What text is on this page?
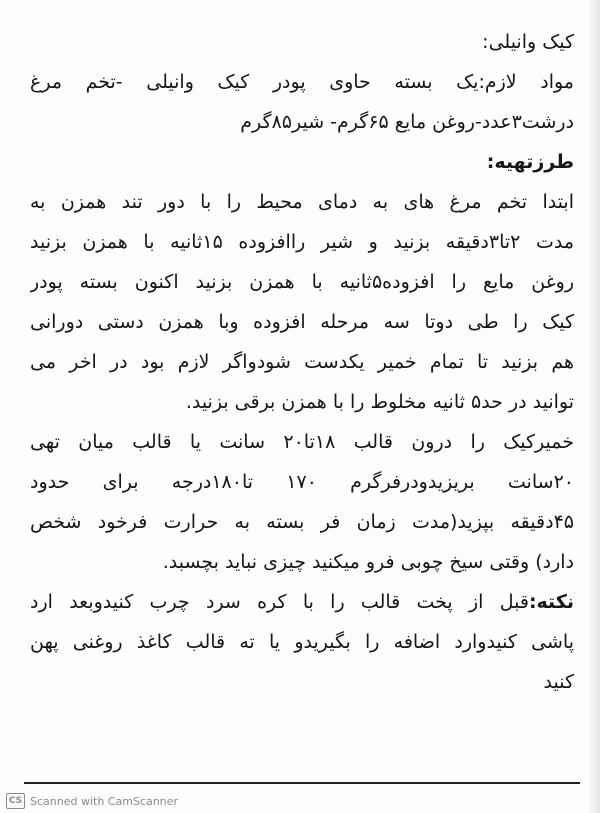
کیک وانیلی:
مواد لازم:یک بسته حاوی پودر کیک وانیلی -تخم مرغ
درشت۳عدد-روغن مایع ۶۵گرم- شیر۸۵گرم
طرزتهیه:
ابتدا تخم مرغ های به دمای محیط را با دور تند همزن به
مدت ۲تا۳دقیقه بزنید و شیر راافزوده ۱۵ثانیه با همزن بزنید
روغن مایع را افزوده۵ثانیه با همزن بزنید اکنون بسته پودر
کیک را طی دوتا سه مرحله افزوده وبا همزن دستی دورانی
هم بزنید تا تمام خمیر یکدست شودواگر لازم بود در اخر می
توانید در حد۵ ثانیه مخلوط را با همزن برقی بزنید.
خمیرکیک را درون قالب ۱۸تا۲۰ سانت یا قالب میان تهی
۲۰سانت بریزیدودرفرگرم ۱۷۰ تا۱۸۰درجه برای حدود
۴۵دقیقه بپزید(مدت زمان فر بسته به حرارت فرخود شخص
دارد) وقتی سیخ چوبی فرو میکنید چیزی نباید بچسبد.
نکته:قبل از پخت قالب را با کره سرد چرب کنیدوبعد ارد
پاشی کنیدوارد اضافه را بگیریدو یا ته قالب کاغذ روغنی پهن
کنید
CS Scanned with CamScanner
